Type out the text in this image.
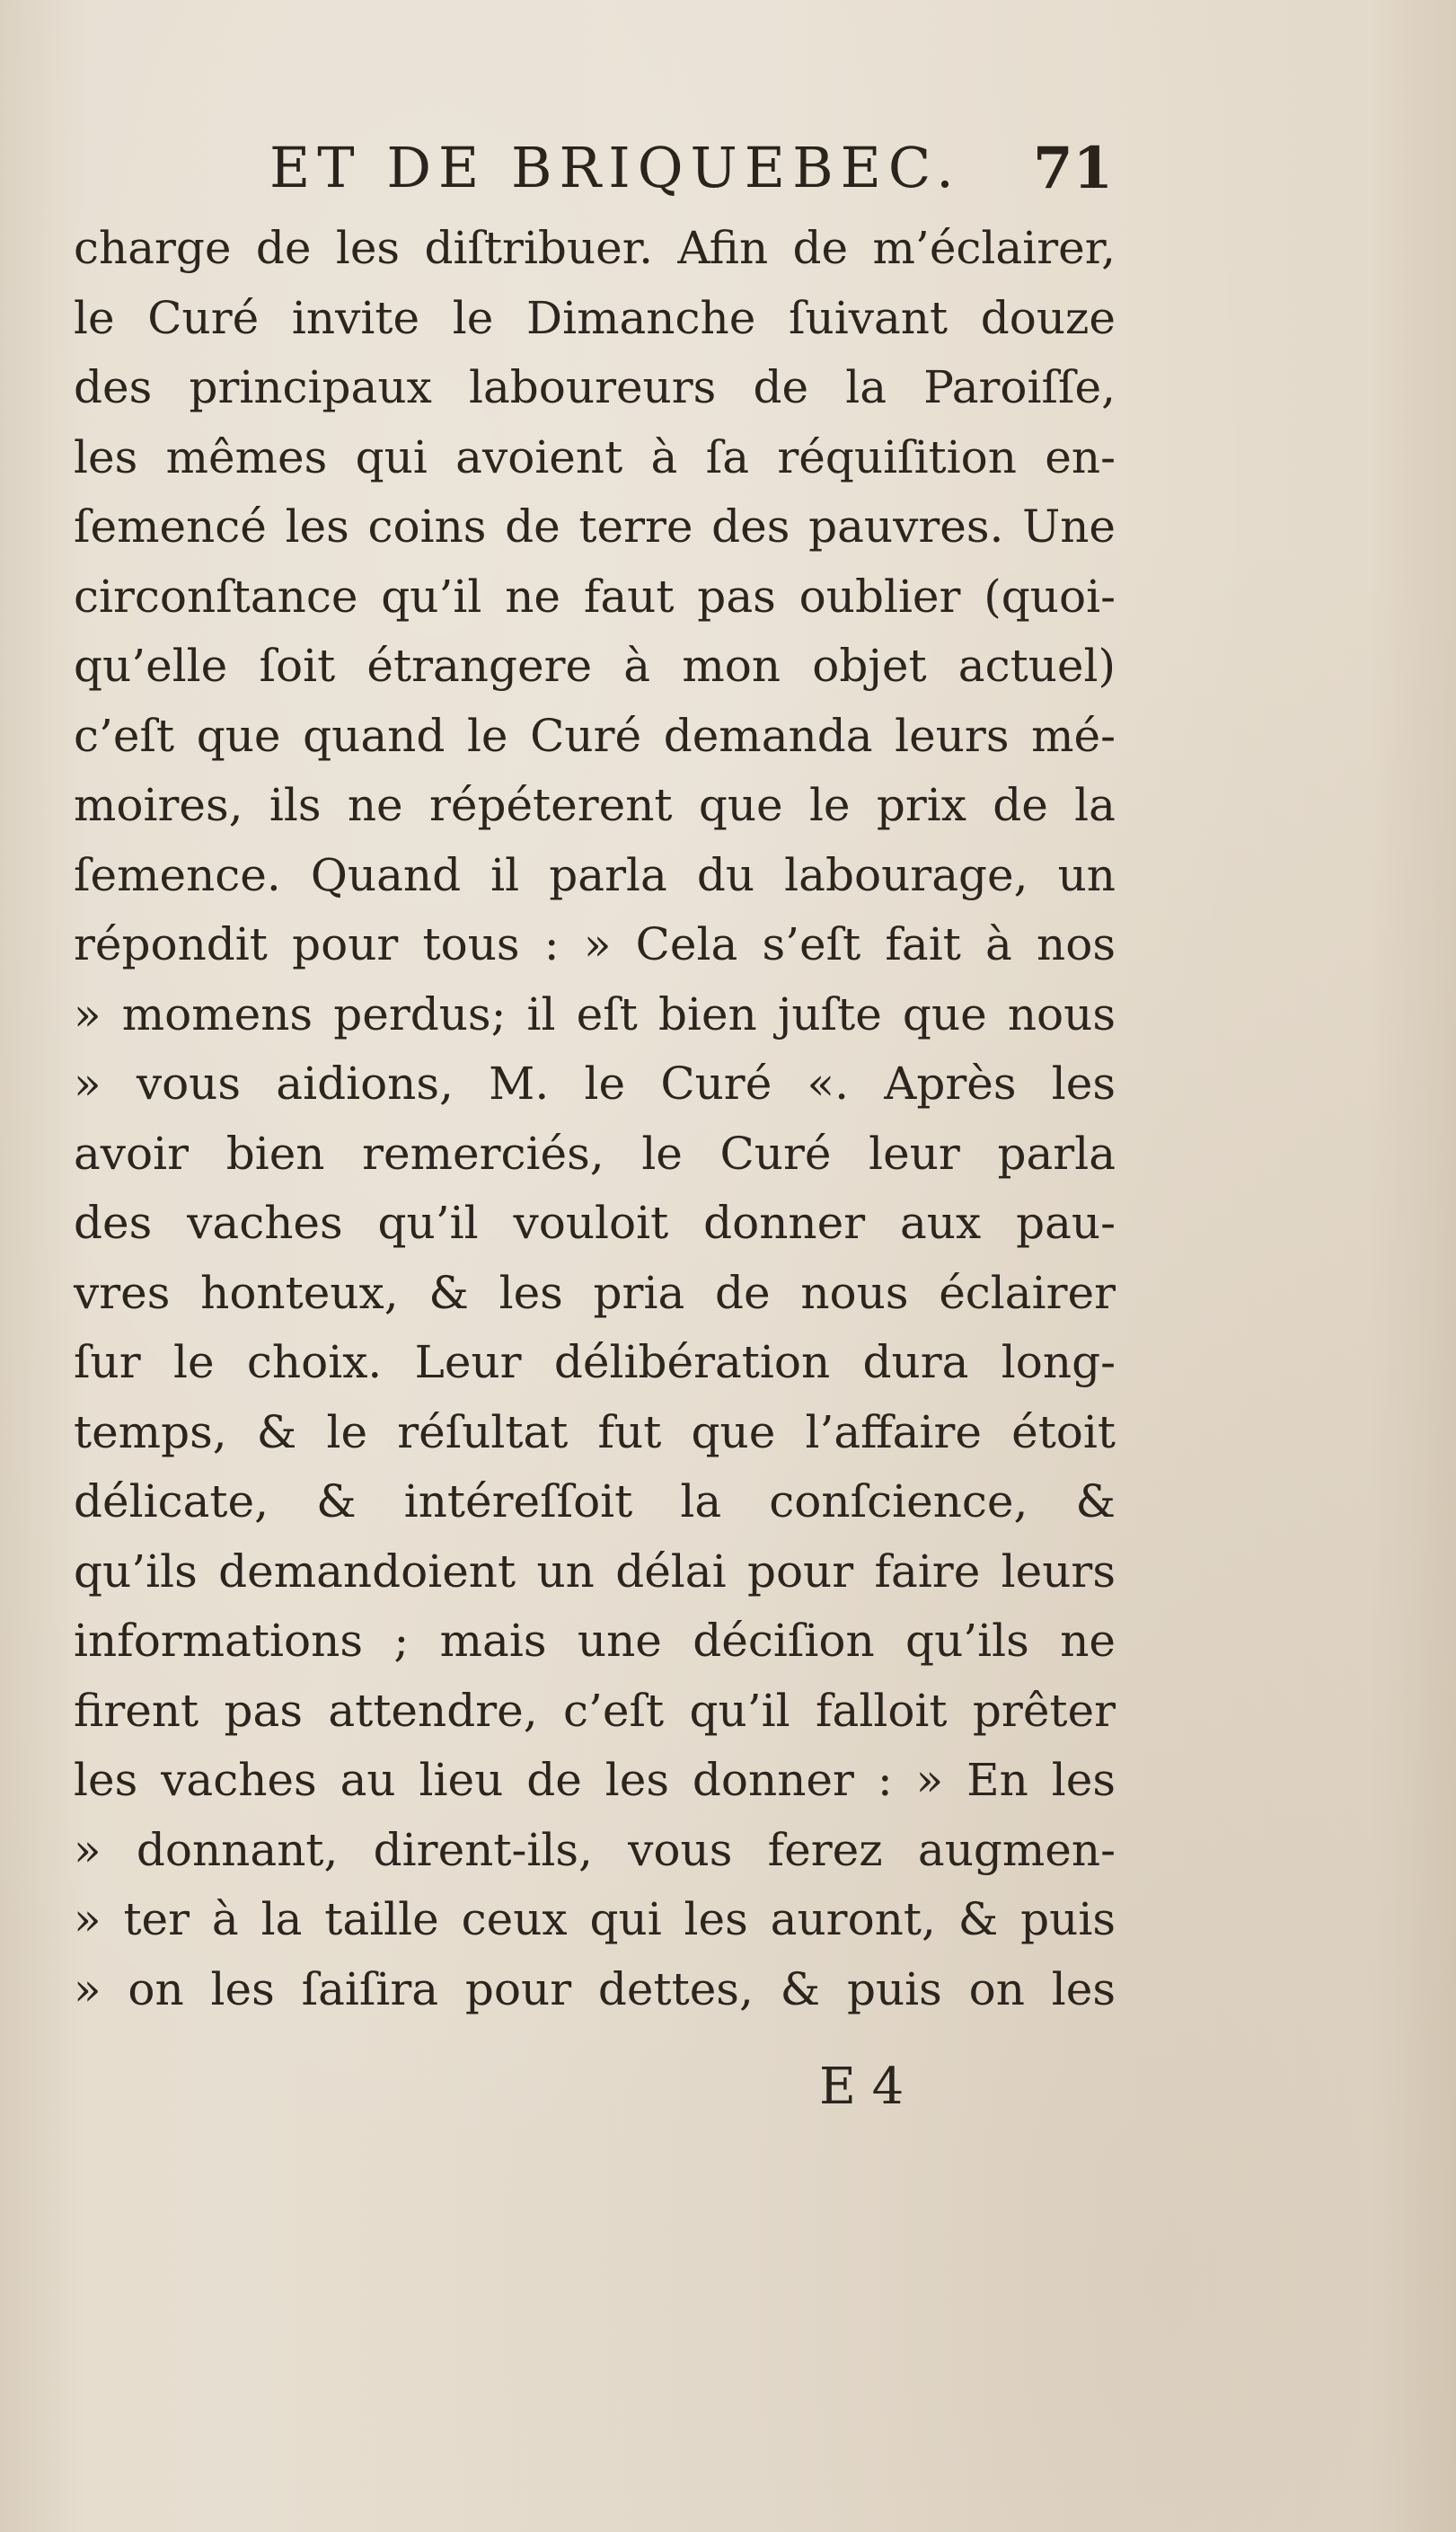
ET DE BRIQUEBEC. 71
charge de les diſtribuer. Afin de m’éclairer,
le Curé invite le Dimanche ſuivant douze
des principaux laboureurs de la Paroiſſe,
les mêmes qui avoient à ſa réquiſition en-
ſemencé les coins de terre des pauvres. Une
circonſtance qu’il ne faut pas oublier (quoi-
qu’elle ſoit étrangere à mon objet actuel)
c’eſt que quand le Curé demanda leurs mé-
moires, ils ne répéterent que le prix de la
ſemence. Quand il parla du labourage, un
répondit pour tous : » Cela s’eſt fait à nos
» momens perdus; il eſt bien juſte que nous
» vous aidions, M. le Curé «. Après les
avoir bien remerciés, le Curé leur parla
des vaches qu’il vouloit donner aux pau-
vres honteux, & les pria de nous éclairer
ſur le choix. Leur délibération dura long-
temps, & le réſultat fut que l’affaire étoit
délicate, & intéreſſoit la conſcience, &
qu’ils demandoient un délai pour faire leurs
informations ; mais une déciſion qu’ils ne
firent pas attendre, c’eſt qu’il falloit prêter
les vaches au lieu de les donner : » En les
» donnant, dirent-ils, vous ferez augmen-
» ter à la taille ceux qui les auront, & puis
» on les ſaiſira pour dettes, & puis on les
E 4
